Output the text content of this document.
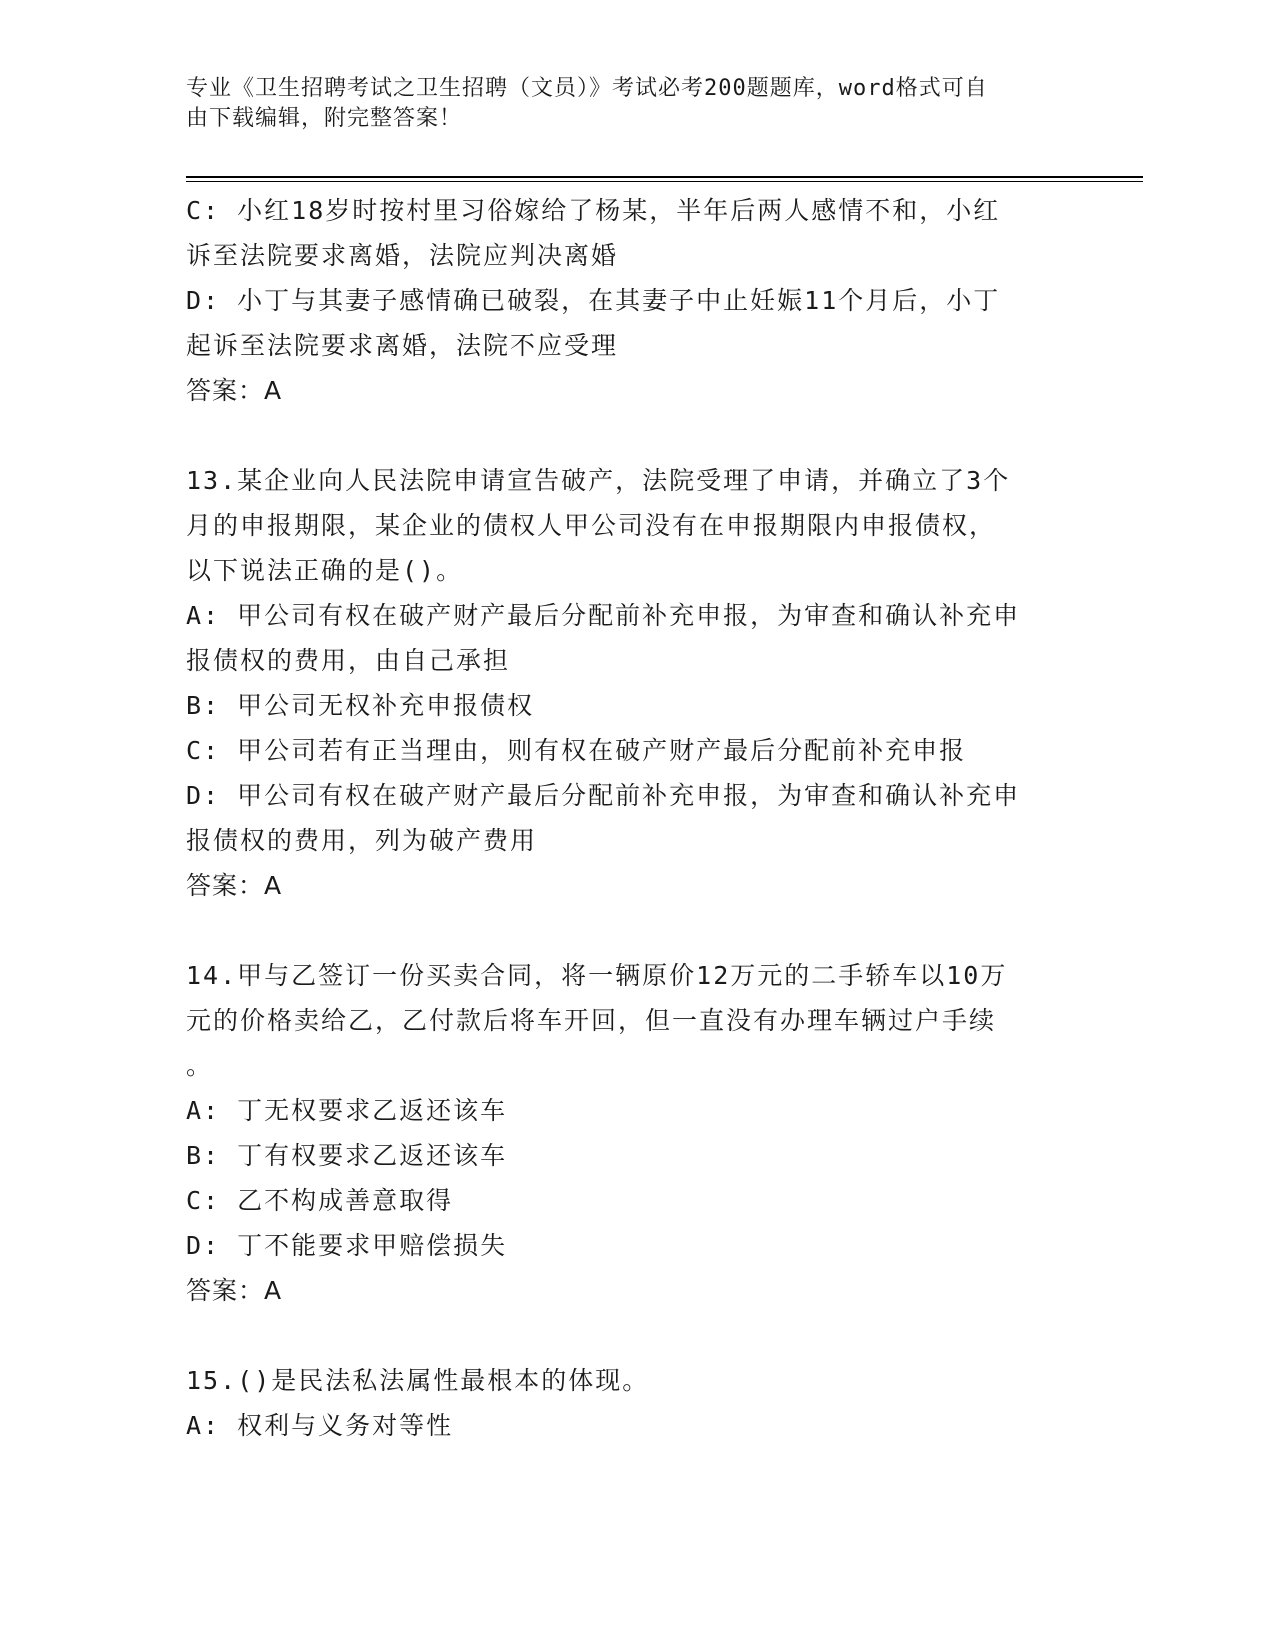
专业《卫生招聘考试之卫生招聘（文员）》考试必考200题题库，word格式可自
由下载编辑，附完整答案！
C: 小红18岁时按村里习俗嫁给了杨某，半年后两人感情不和，小红
诉至法院要求离婚，法院应判决离婚
D: 小丁与其妻子感情确已破裂，在其妻子中止妊娠11个月后，小丁
起诉至法院要求离婚，法院不应受理
答案：A
13.某企业向人民法院申请宣告破产，法院受理了申请，并确立了3个
月的申报期限，某企业的债权人甲公司没有在申报期限内申报债权，
以下说法正确的是()。
A: 甲公司有权在破产财产最后分配前补充申报，为审查和确认补充申
报债权的费用，由自己承担
B: 甲公司无权补充申报债权
C: 甲公司若有正当理由，则有权在破产财产最后分配前补充申报
D: 甲公司有权在破产财产最后分配前补充申报，为审查和确认补充申
报债权的费用，列为破产费用
答案：A
14.甲与乙签订一份买卖合同，将一辆原价12万元的二手轿车以10万
元的价格卖给乙，乙付款后将车开回，但一直没有办理车辆过户手续
。
A: 丁无权要求乙返还该车
B: 丁有权要求乙返还该车
C: 乙不构成善意取得
D: 丁不能要求甲赔偿损失
答案：A
15.()是民法私法属性最根本的体现。
A: 权利与义务对等性
